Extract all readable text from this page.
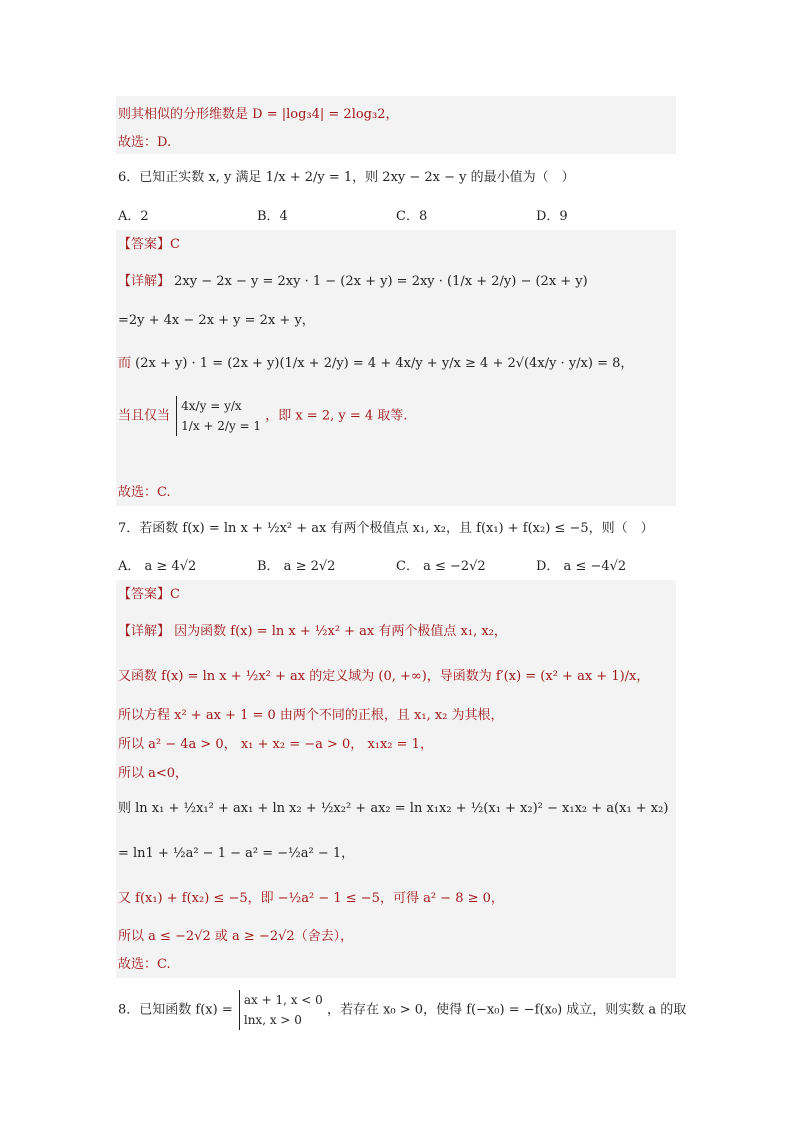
则其相似的分形维数是 D = |log₃4| = 2log₃2，
故选：D.
6．已知正实数 x, y 满足 1/x + 2/y = 1，则 2xy − 2x − y 的最小值为（　）
A．2	B．4	C．8	D．9
【答案】C
【详解】 2xy − 2x − y = 2xy · 1 − (2x + y) = 2xy · (1/x + 2/y) − (2x + y)
=2y + 4x − 2x + y = 2x + y，
而 (2x + y) · 1 = (2x + y)(1/x + 2/y) = 4 + 4x/y + y/x ≥ 4 + 2√(4x/y · y/x) = 8，
当且仅当
4x/y = y/x
1/x + 2/y = 1
，即 x = 2, y = 4 取等.
故选：C.
7．若函数 f(x) = ln x + ½x² + ax 有两个极值点 x₁, x₂，且 f(x₁) + f(x₂) ≤ −5，则（　）
A． a ≥ 4√2	B． a ≥ 2√2	C． a ≤ −2√2	D． a ≤ −4√2
【答案】C
【详解】 因为函数 f(x) = ln x + ½x² + ax 有两个极值点 x₁, x₂，
又函数 f(x) = ln x + ½x² + ax 的定义域为 (0, +∞)，导函数为 f′(x) = (x² + ax + 1)/x，
所以方程 x² + ax + 1 = 0 由两个不同的正根，且 x₁, x₂ 为其根，
所以 a² − 4a > 0， x₁ + x₂ = −a > 0， x₁x₂ = 1，
所以 a<0，
则 ln x₁ + ½x₁² + ax₁ + ln x₂ + ½x₂² + ax₂ = ln x₁x₂ + ½(x₁ + x₂)² − x₁x₂ + a(x₁ + x₂)
= ln1 + ½a² − 1 − a² = −½a² − 1，
又 f(x₁) + f(x₂) ≤ −5，即 −½a² − 1 ≤ −5，可得 a² − 8 ≥ 0，
所以 a ≤ −2√2 或 a ≥ −2√2（舍去），
故选：C.
8．已知函数 f(x) =
ax + 1, x < 0
lnx, x > 0
，若存在 x₀ > 0，使得 f(−x₀) = −f(x₀) 成立，则实数 a 的取
